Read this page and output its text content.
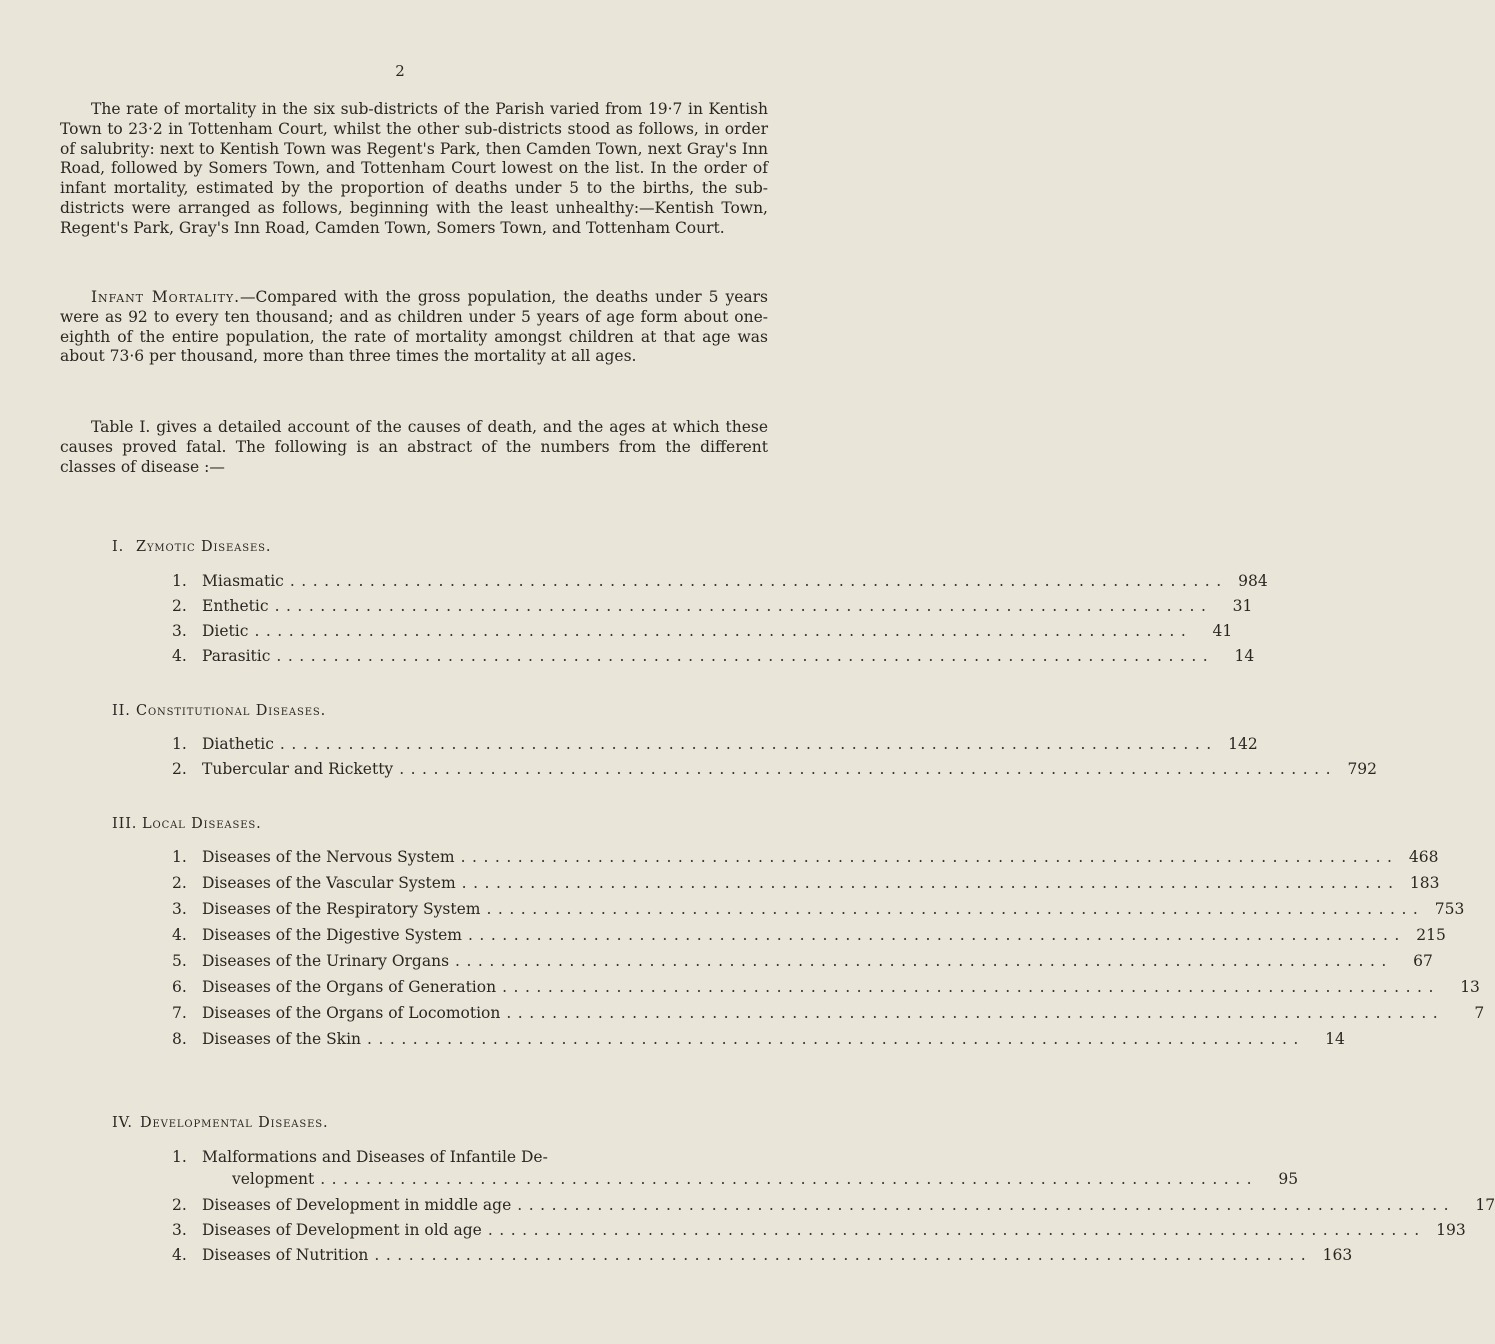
2
The rate of mortality in the six sub-districts of the Parish varied from 19·7 in Kentish Town to 23·2 in Tottenham Court, whilst the other sub-districts stood as follows, in order of salubrity: next to Kentish Town was Regent's Park, then Camden Town, next Gray's Inn Road, followed by Somers Town, and Tottenham Court lowest on the list. In the order of infant mortality, estimated by the proportion of deaths under 5 to the births, the sub-districts were arranged as follows, beginning with the least unhealthy:—Kentish Town, Regent's Park, Gray's Inn Road, Camden Town, Somers Town, and Tottenham Court.
Infant Mortality.—Compared with the gross population, the deaths under 5 years were as 92 to every ten thousand; and as children under 5 years of age form about one-eighth of the entire population, the rate of mortality amongst children at that age was about 73·6 per thousand, more than three times the mortality at all ages.
Table I. gives a detailed account of the causes of death, and the ages at which these causes proved fatal. The following is an abstract of the numbers from the different classes of disease :—
I. Zymotic Diseases.
1. Miasmatic .....	984
2. Enthetic .....	31
3. Dietic .....	41
4. Parasitic .....	14
II. Constitutional Diseases.
1. Diathetic .....	142
2. Tubercular and Ricketty .....	792
III. Local Diseases.
1. Diseases of the Nervous System .....	468
2. Diseases of the Vascular System .....	183
3. Diseases of the Respiratory System .....	753
4. Diseases of the Digestive System .....	215
5. Diseases of the Urinary Organs .....	67
6. Diseases of the Organs of Generation .....	13
7. Diseases of the Organs of Locomotion .....	7
8. Diseases of the Skin .....	14
IV. Developmental Diseases.
1. Malformations and Diseases of Infantile De-
velopment .....	95
2. Diseases of Development in middle age .....	17
3. Diseases of Development in old age .....	193
4. Diseases of Nutrition .....	163
